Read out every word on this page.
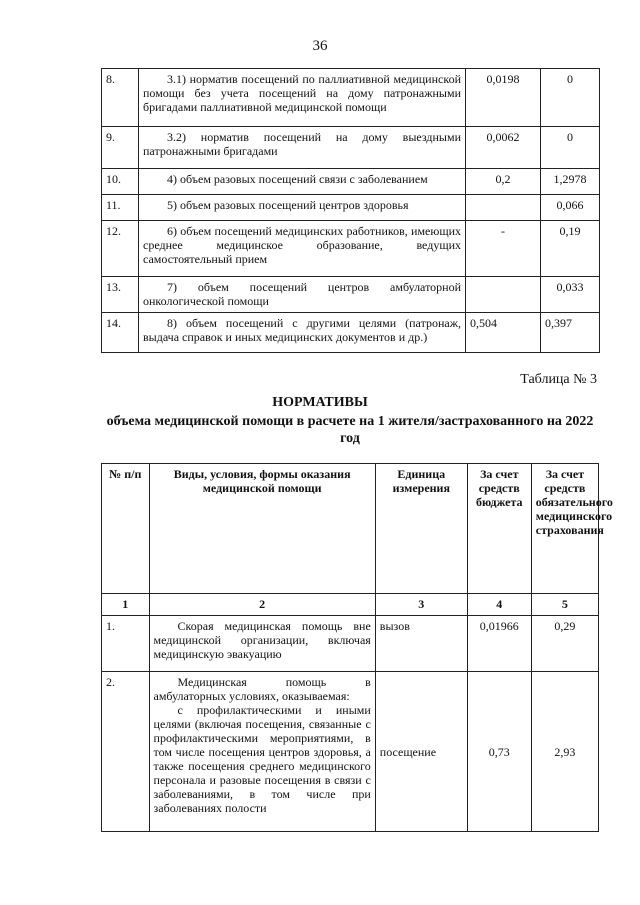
36
8.	3.1) норматив посещений по паллиативной медицинской помощи без учета посещений на дому патронажными бригадами паллиативной медицинской помощи	0,0198	0
9.	3.2) норматив посещений на дому выездными патронажными бригадами	0,0062	0
10.	4) объем разовых посещений связи с заболеванием	0,2	1,2978
11.	5) объем разовых посещений центров здоровья		0,066
12.	6) объем посещений медицинских работников, имеющих среднее медицинское образование, ведущих самостоятельный прием	-	0,19
13.	7) объем посещений центров амбулаторной онкологической помощи		0,033
14.	8) объем посещений с другими целями (патронаж, выдача справок и иных медицинских документов и др.)	0,504	0,397
Таблица № 3
НОРМАТИВЫ
объема медицинской помощи в расчете на 1 жителя/застрахованного на 2022 год
№ п/п	Виды, условия, формы оказания медицинской помощи	Единица измерения	За счет средств бюджета	За счет средств обязательного медицинского страхования
1	2	3	4	5
1.	Скорая медицинская помощь вне медицинской организации, включая медицинскую эвакуацию	вызов	0,01966	0,29
2.	Медицинская помощь в амбулаторных условиях, оказываемая:
с профилактическими и иными целями (включая посещения, связанные с профилактическими мероприятиями, в том числе посещения центров здоровья, а также посещения среднего медицинского персонала и разовые посещения в связи с заболеваниями, в том числе при заболеваниях полости	посещение	0,73	2,93
